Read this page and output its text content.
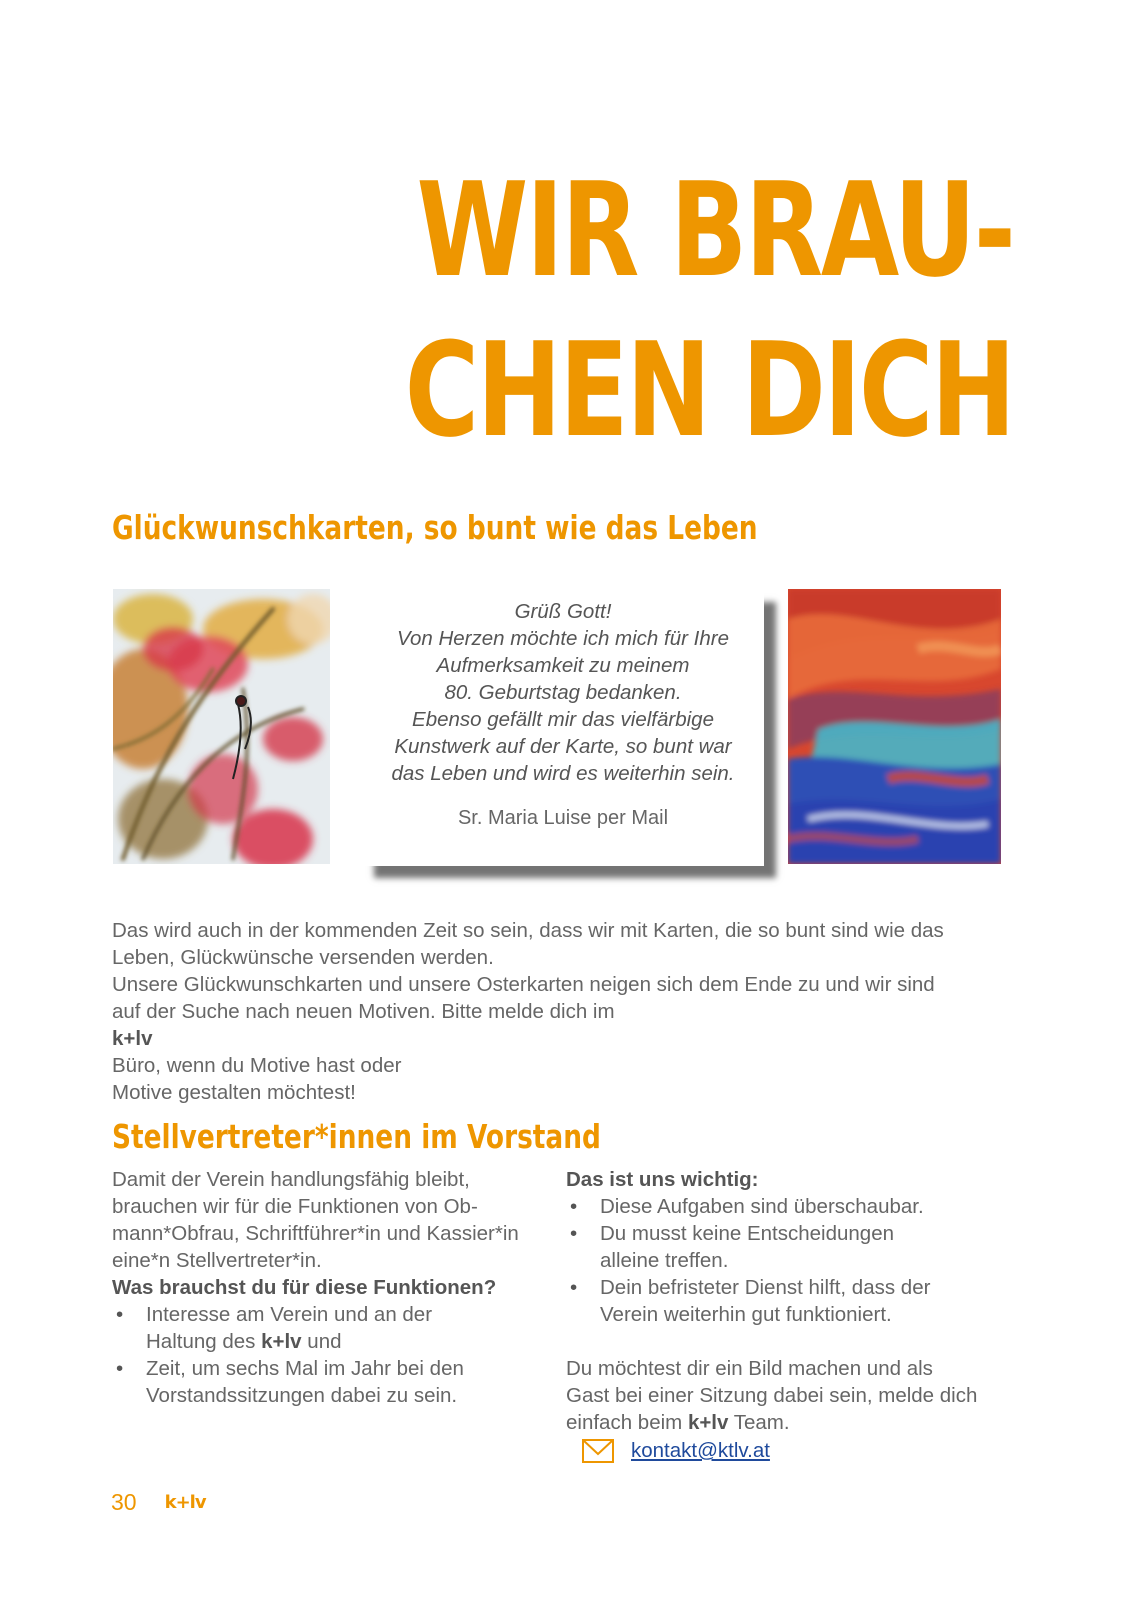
WIR BRAU-
CHEN DICH
Glückwunschkarten, so bunt wie das Leben

Grüß Gott!
Von Herzen möchte ich mich für Ihre
Aufmerksamkeit zu meinem
80. Geburtstag bedanken.
Ebenso gefällt mir das vielfärbige
Kunstwerk auf der Karte, so bunt war
das Leben und wird es weiterhin sein.

Sr. Maria Luise per Mail

Das wird auch in der kommenden Zeit so sein, dass wir mit Karten, die so bunt sind wie das
Leben, Glückwünsche versenden werden.
Unsere Glückwunschkarten und unsere Osterkarten neigen sich dem Ende zu und wir sind
auf der Suche nach neuen Motiven. Bitte melde dich im
k+lv
Büro, wenn du Motive hast oder
Motive gestalten möchtest!

Stellvertreter*innen im Vorstand

Damit der Verein handlungsfähig bleibt,
brauchen wir für die Funktionen von Ob-
mann*Obfrau, Schriftführer*in und Kassier*in
eine*n Stellvertreter*in.

Was brauchst du für diese Funktionen?
• Interesse am Verein und an der
Haltung des k+lv und
• Zeit, um sechs Mal im Jahr bei den
Vorstandssitzungen dabei zu sein.
Das ist uns wichtig:
• Diese Aufgaben sind überschaubar.
• Du musst keine Entscheidungen
alleine treffen.
• Dein befristeter Dienst hilft, dass der
Verein weiterhin gut funktioniert.

Du möchtest dir ein Bild machen und als
Gast bei einer Sitzung dabei sein, melde dich
einfach beim k+lv Team.

kontakt@ktlv.at
30 k+lv
